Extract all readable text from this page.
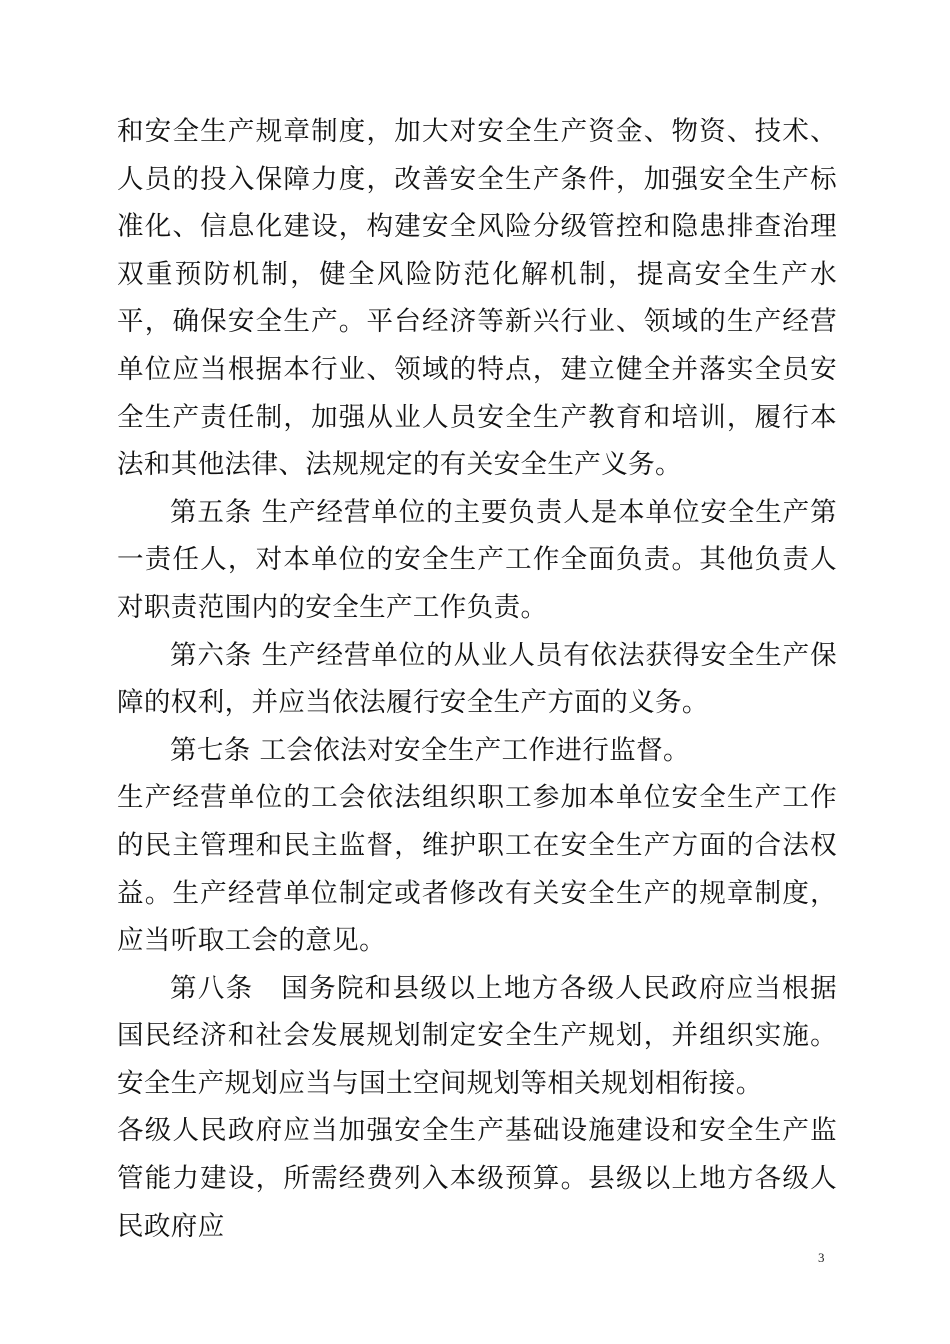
和安全生产规章制度，加大对安全生产资金、物资、技术、人员的投入保障力度，改善安全生产条件，加强安全生产标准化、信息化建设，构建安全风险分级管控和隐患排查治理双重预防机制，健全风险防范化解机制，提高安全生产水平，确保安全生产。平台经济等新兴行业、领域的生产经营单位应当根据本行业、领域的特点，建立健全并落实全员安全生产责任制，加强从业人员安全生产教育和培训，履行本法和其他法律、法规规定的有关安全生产义务。

第五条 生产经营单位的主要负责人是本单位安全生产第一责任人，对本单位的安全生产工作全面负责。其他负责人对职责范围内的安全生产工作负责。

第六条 生产经营单位的从业人员有依法获得安全生产保障的权利，并应当依法履行安全生产方面的义务。

第七条 工会依法对安全生产工作进行监督。

生产经营单位的工会依法组织职工参加本单位安全生产工作的民主管理和民主监督，维护职工在安全生产方面的合法权益。生产经营单位制定或者修改有关安全生产的规章制度，应当听取工会的意见。

第八条　国务院和县级以上地方各级人民政府应当根据国民经济和社会发展规划制定安全生产规划，并组织实施。安全生产规划应当与国土空间规划等相关规划相衔接。

各级人民政府应当加强安全生产基础设施建设和安全生产监管能力建设，所需经费列入本级预算。县级以上地方各级人民政府应

3
